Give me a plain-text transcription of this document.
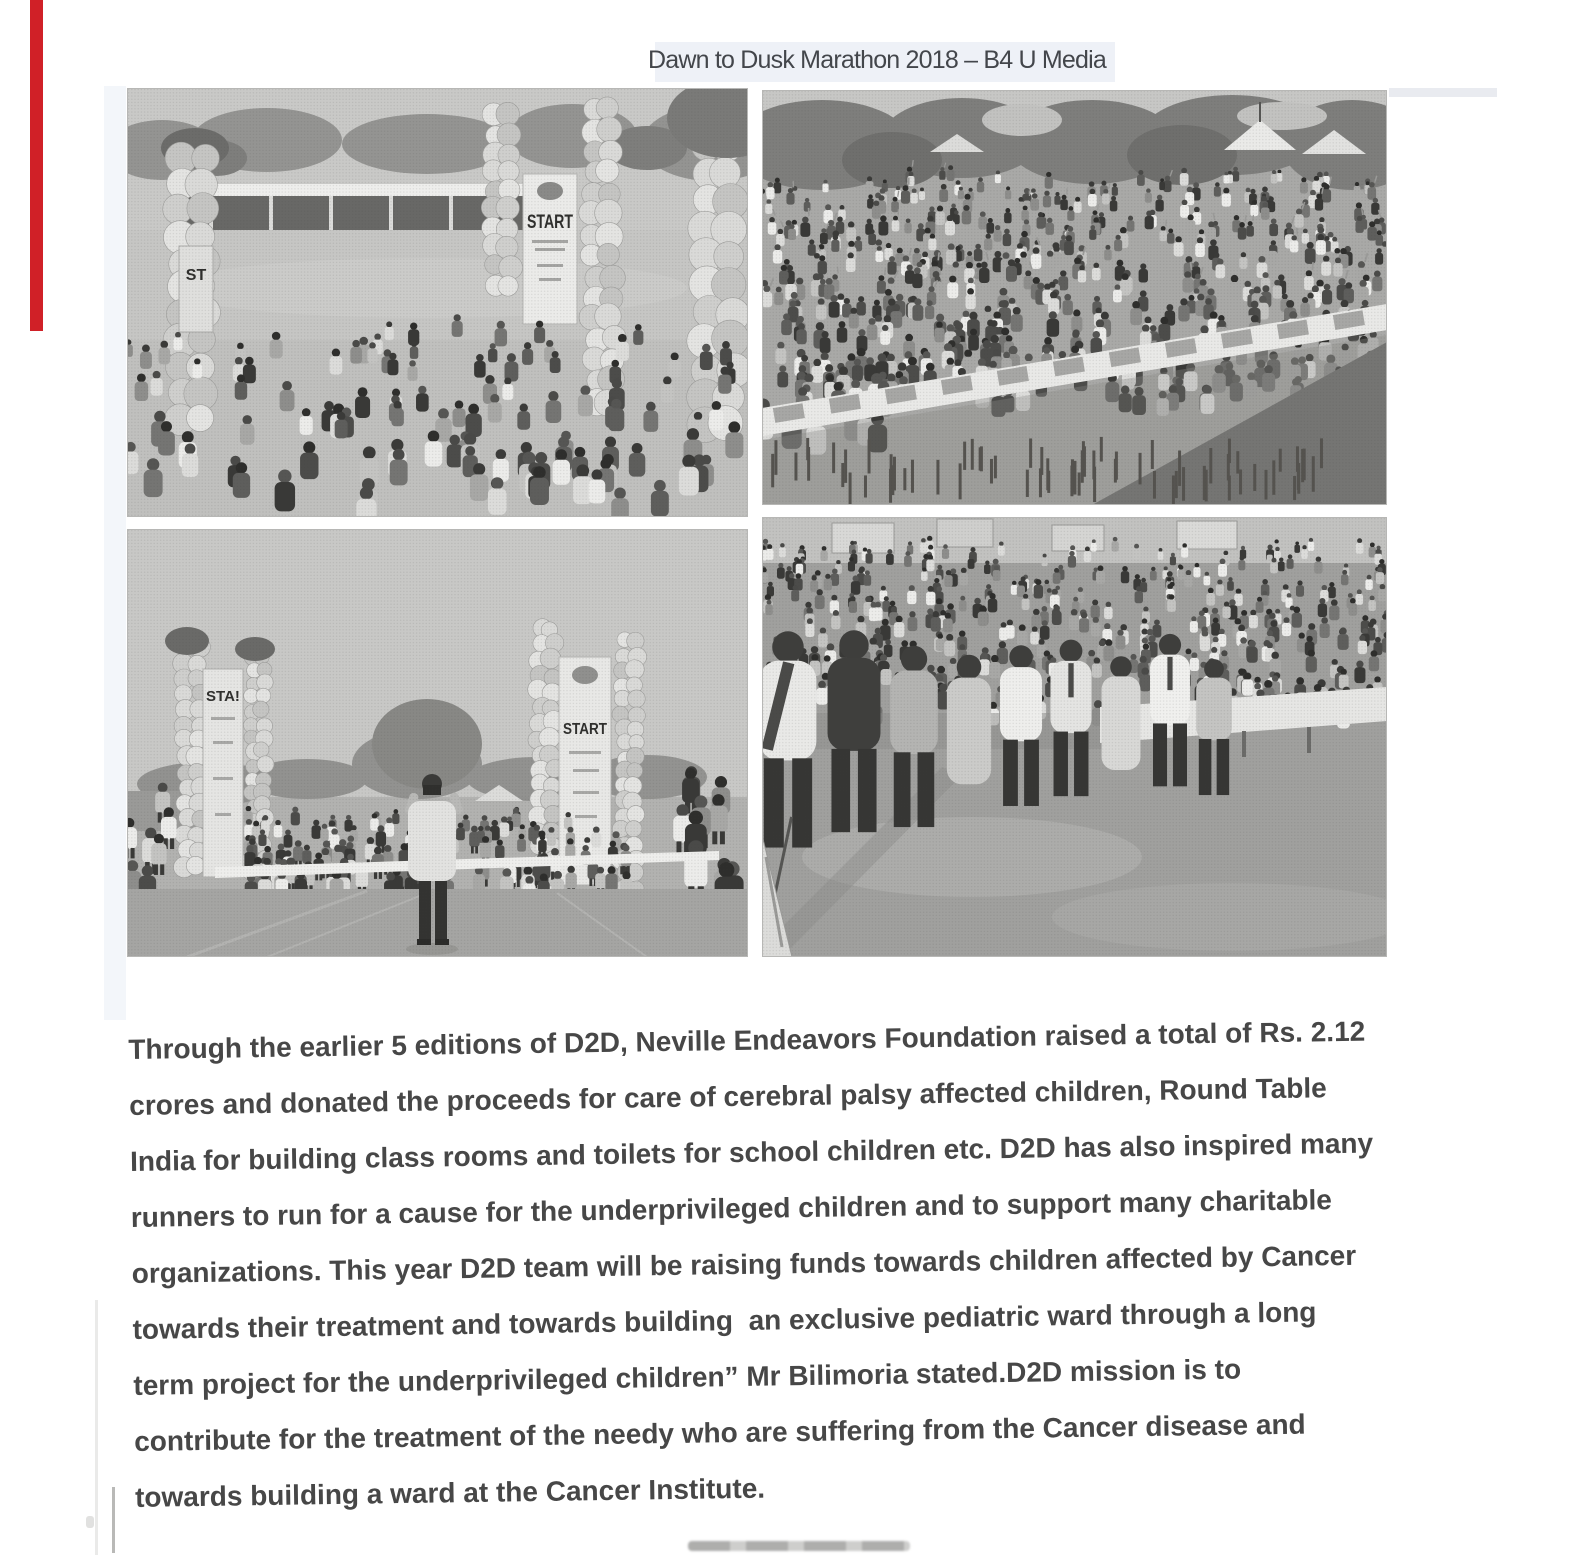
Dawn to Dusk Marathon 2018 – B4 U Media
ST
START
STA!
START
Through the earlier 5 editions of D2D, Neville Endeavors Foundation raised a total of Rs. 2.12
crores and donated the proceeds for care of cerebral palsy affected children, Round Table
India for building class rooms and toilets for school children etc. D2D has also inspired many
runners to run for a cause for the underprivileged children and to support many charitable
organizations. This year D2D team will be raising funds towards children affected by Cancer
towards their treatment and towards building  an exclusive pediatric ward through a long
term project for the underprivileged children” Mr Bilimoria stated.D2D mission is to
contribute for the treatment of the needy who are suffering from the Cancer disease and
towards building a ward at the Cancer Institute.
